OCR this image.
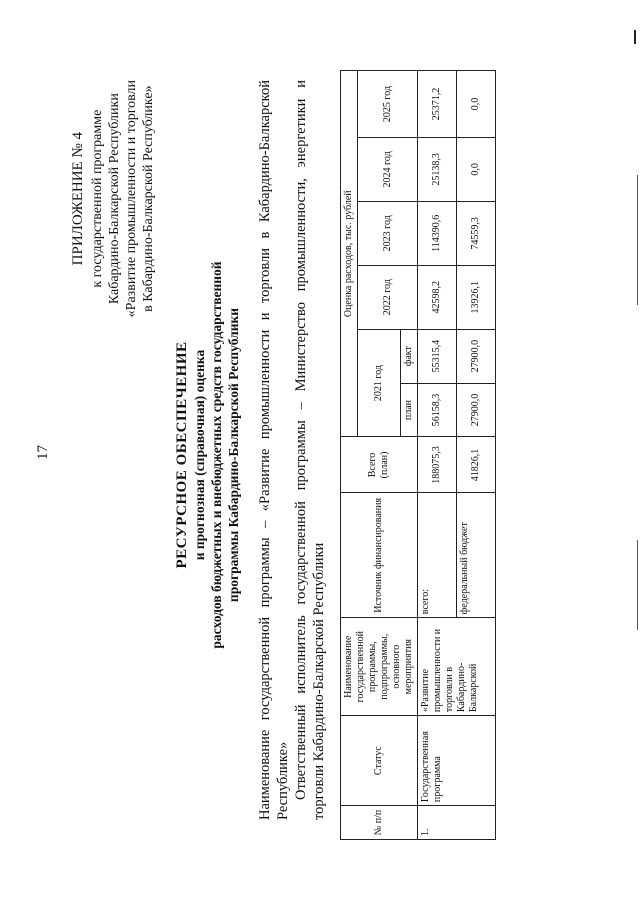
17
ПРИЛОЖЕНИЕ № 4 к государственной программе Кабардино-Балкарской Республики «Развитие промышленности и торговли в Кабардино-Балкарской Республике»
РЕСУРСНОЕ ОБЕСПЕЧЕНИЕ и прогнозная (справочная) оценка расходов бюджетных и внебюджетных средств государственной программы Кабардино-Балкарской Республики Наименование государственной программы – «Развитие промышленности и торговли в Кабардино-Балкарской Республике» Ответственный исполнитель государственной программы – Министерство промышленности, энергетики и торговли Кабардино-Балкарской Республики
№ п/п	Статус	Наименование государственной программы, подпрограммы, основного мероприятия	Источник финансирования	Всего (план)	Оценка расходов, тыс. рублей					
					2021 год		2022 год	2023 год	2024 год	2025 год
					план	факт				
1.	Государственная программа	«Развитие промышленности и торговли в Кабардино-Балкарской	всего:	188075,3	56158,3	55315,4	42598,2	114390,6	25138,3	25371,2
			федеральный бюджет	41826,1	27900,0	27900,0	13926,1	74559,3	0,0	0,0
